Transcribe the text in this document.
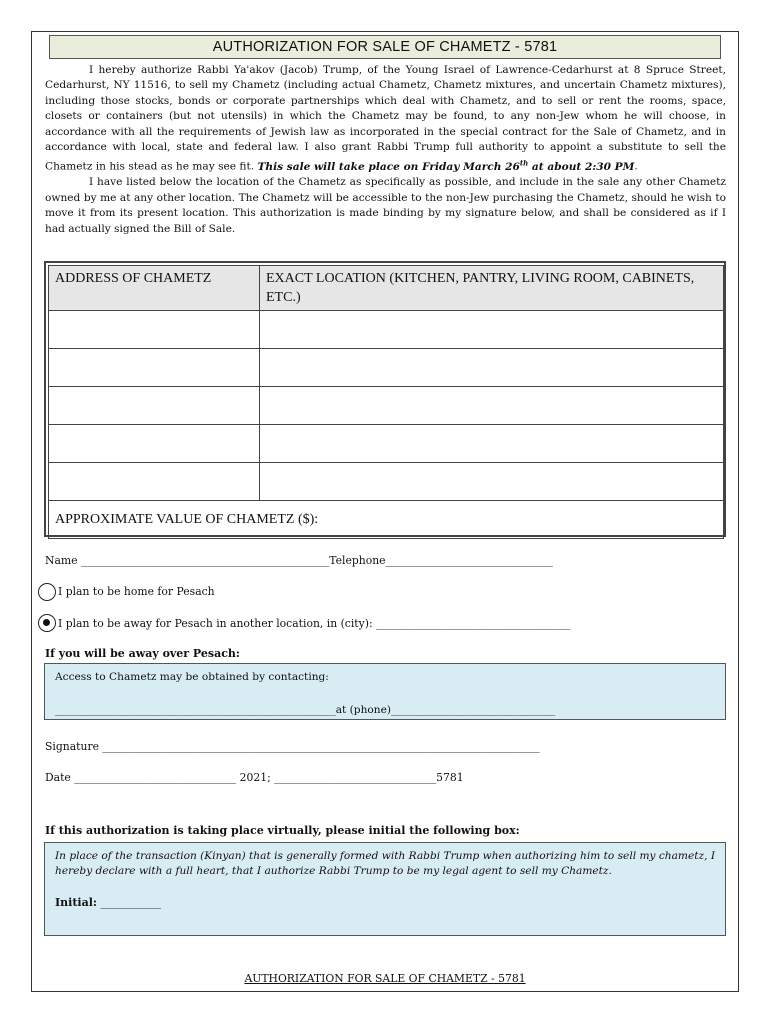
AUTHORIZATION FOR SALE OF CHAMETZ - 5781

I hereby authorize Rabbi Ya'akov (Jacob) Trump, of the Young Israel of Lawrence-Cedarhurst at 8 Spruce Street, Cedarhurst, NY 11516, to sell my Chametz (including actual Chametz, Chametz mixtures, and uncertain Chametz mixtures), including those stocks, bonds or corporate partnerships which deal with Chametz, and to sell or rent the rooms, space, closets or containers (but not utensils) in which the Chametz may be found, to any non-Jew whom he will choose, in accordance with all the requirements of Jewish law as incorporated in the special contract for the Sale of Chametz, and in accordance with local, state and federal law. I also grant Rabbi Trump full authority to appoint a substitute to sell the Chametz in his stead as he may see fit. This sale will take place on Friday March 26th at about 2:30 PM.

I have listed below the location of the Chametz as specifically as possible, and include in the sale any other Chametz owned by me at any other location. The Chametz will be accessible to the non-Jew purchasing the Chametz, should he wish to move it from its present location. This authorization is made binding by my signature below, and shall be considered as if I had actually signed the Bill of Sale.

ADDRESS OF CHAMETZ	EXACT LOCATION (KITCHEN, PANTRY, LIVING ROOM, CABINETS, ETC.)

APPROXIMATE VALUE OF CHAMETZ ($):	
Name ______________________________________________Telephone_______________________________
I plan to be home for Pesach
I plan to be away for Pesach in another location, in (city): ____________________________________
If you will be away over Pesach:
Access to Chametz may be obtained by contacting:
_____________________________________________________at (phone)_______________________________
Signature _________________________________________________________________________________
Date ______________________________ 2021; ______________________________5781
If this authorization is taking place virtually, please initial the following box:
In place of the transaction (Kinyan) that is generally formed with Rabbi Trump when authorizing him to sell my chametz, I hereby declare with a full heart, that I authorize Rabbi Trump to be my legal agent to sell my Chametz.
Initial: ___________
AUTHORIZATION FOR SALE OF CHAMETZ - 5781
